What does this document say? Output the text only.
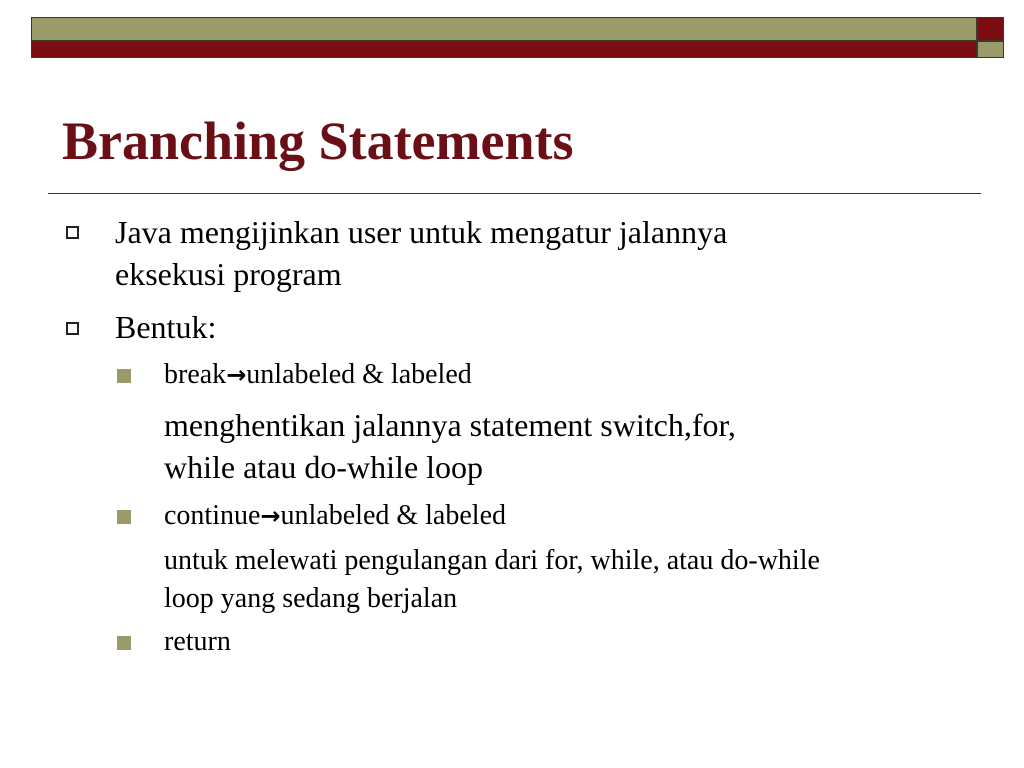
Branching Statements
Java mengijinkan user untuk mengatur jalannya
eksekusi program
Bentuk:
break→unlabeled & labeled
menghentikan jalannya statement switch,for,
while atau do-while loop
continue→unlabeled & labeled
untuk melewati pengulangan dari for, while, atau do-while
loop yang sedang berjalan
return
